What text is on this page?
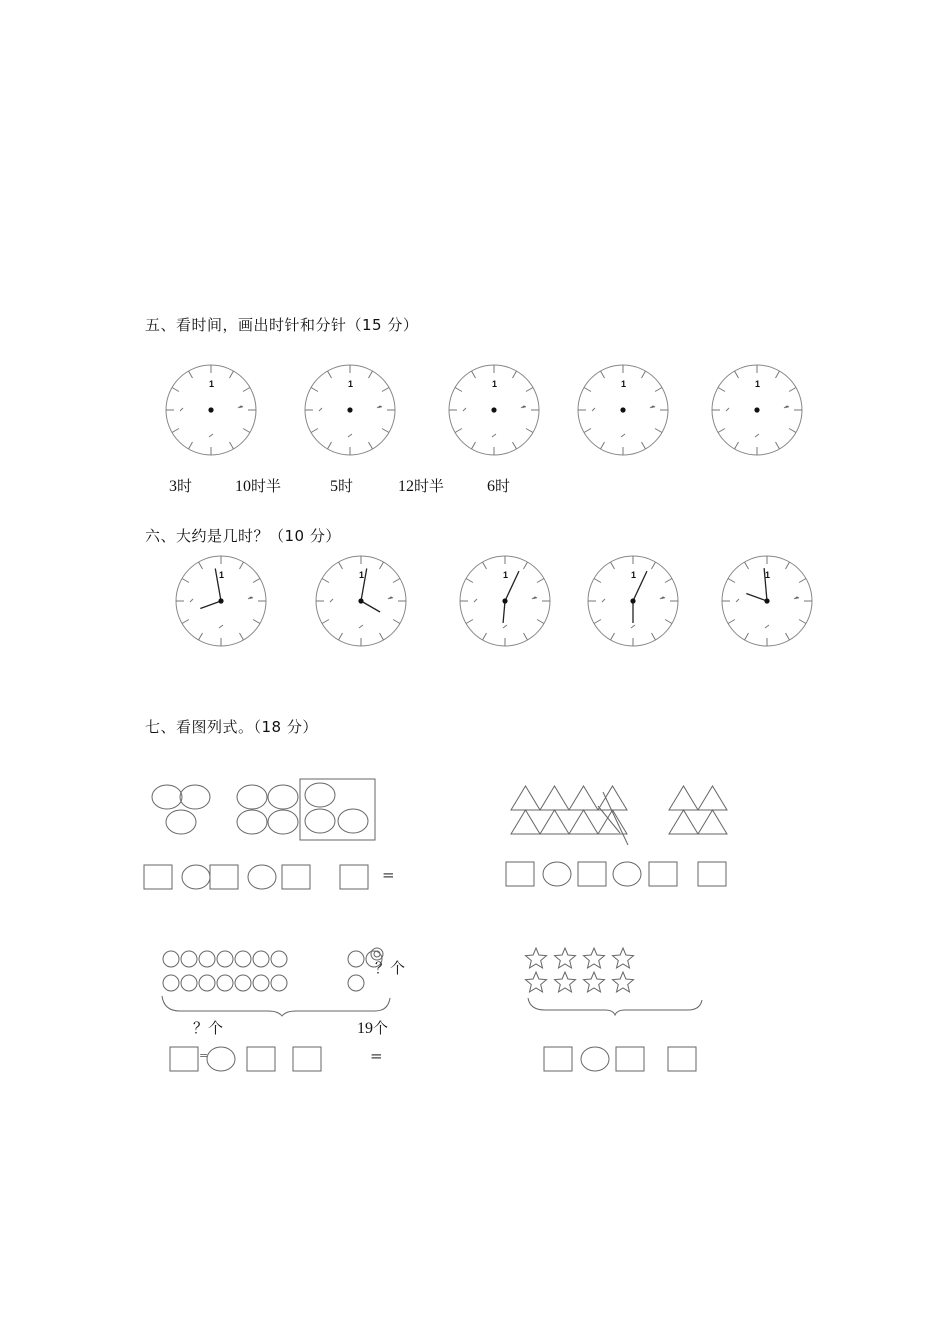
五、看时间，画出时针和分针（15 分）
六、大约是几时？（10 分）
七、看图列式。（18 分）
3时	10时半	5时	12时半	6时
？个
？个	19个
=
=
=
1	1	1	1	1
1	1	1	1	1
